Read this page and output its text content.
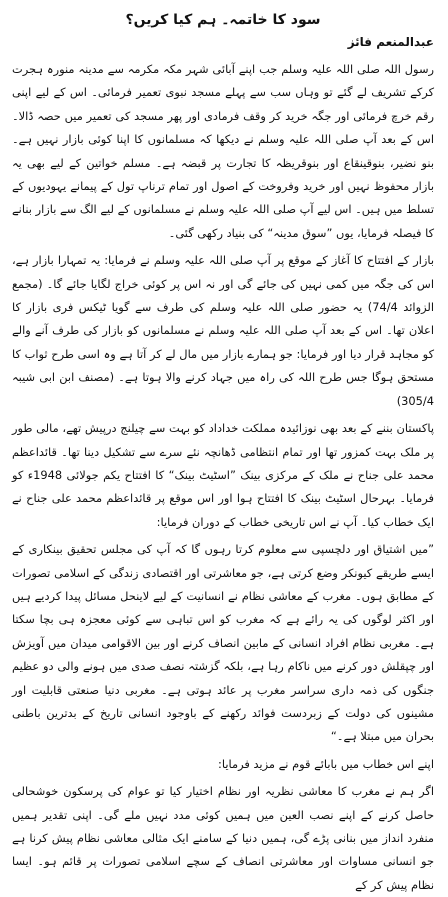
سود کا خاتمہ۔ ہم کیا کریں؟
عبدالمنعم فائز

رسول اللہ صلی اللہ علیہ وسلم جب اپنے آبائی شہر مکہ مکرمہ سے مدینہ منورہ ہجرت کرکے تشریف لے گئے تو وہاں سب سے پہلے مسجد نبوی تعمیر فرمائی۔ اس کے لیے اپنی رقم خرچ فرمائی اور جگہ خرید کر وقف فرمادی اور پھر مسجد کی تعمیر میں حصہ ڈالا۔ اس کے بعد آپ صلی اللہ علیہ وسلم نے دیکھا کہ مسلمانوں کا اپنا کوئی بازار نہیں ہے۔ بنو نضیر، بنوقینقاع اور بنوقریظہ کا تجارت پر قبضہ ہے۔ مسلم خواتین کے لیے بھی یہ بازار محفوظ نہیں اور خرید وفروخت کے اصول اور تمام ترناپ تول کے پیمانے یہودیوں کے تسلط میں ہیں۔ اس لیے آپ صلی اللہ علیہ وسلم نے مسلمانوں کے لیے الگ سے بازار بنانے کا فیصلہ فرمایا، یوں ”سوق مدینہ“ کی بنیاد رکھی گئی۔

بازار کے افتتاح کا آغاز کے موقع پر آپ صلی اللہ علیہ وسلم نے فرمایا: یہ تمہارا بازار ہے، اس کی جگہ میں کمی نہیں کی جائے گی اور نہ اس پر کوئی خراج لگایا جائے گا۔ (مجمع الزوائد 74/4) یہ حضور صلی اللہ علیہ وسلم کی طرف سے گویا ٹیکس فری بازار کا اعلان تھا۔ اس کے بعد آپ صلی اللہ علیہ وسلم نے مسلمانوں کو بازار کی طرف آنے والے کو مجاہد قرار دیا اور فرمایا: جو ہمارے بازار میں مال لے کر آتا ہے وہ اسی طرح ثواب کا مستحق ہوگا جس طرح اللہ کی راہ میں جہاد کرنے والا ہوتا ہے۔ (مصنف ابن ابی شیبہ 305/4)

پاکستان بننے کے بعد بھی نوزائیدہ مملکت خداداد کو بہت سے چیلنج درپیش تھے، مالی طور پر ملک بہت کمزور تھا اور تمام انتظامی ڈھانچہ نئے سرے سے تشکیل دینا تھا۔ قائداعظم محمد علی جناح نے ملک کے مرکزی بینک ”اسٹیٹ بینک“ کا افتتاح یکم جولائی 1948ء کو فرمایا۔ بہرحال اسٹیٹ بینک کا افتتاح ہوا اور اس موقع پر قائداعظم محمد علی جناح نے ایک خطاب کیا۔ آپ نے اس تاریخی خطاب کے دوران فرمایا:

”میں اشتیاق اور دلچسپی سے معلوم کرتا رہوں گا کہ آپ کی مجلس تحقیق بینکاری کے ایسے طریقے کیونکر وضع کرتی ہے، جو معاشرتی اور اقتصادی زندگی کے اسلامی تصورات کے مطابق ہوں۔ مغرب کے معاشی نظام نے انسانیت کے لیے لاینحل مسائل پیدا کردیے ہیں اور اکثر لوگوں کی یہ رائے ہے کہ مغرب کو اس تباہی سے کوئی معجزہ ہی بچا سکتا ہے۔ مغربی نظام افراد انسانی کے مابین انصاف کرنے اور بین الاقوامی میدان میں آویزش اور چپقلش دور کرنے میں ناکام رہا ہے، بلکہ گزشتہ نصف صدی میں ہونے والی دو عظیم جنگوں کی ذمہ داری سراسر مغرب پر عائد ہوتی ہے۔ مغربی دنیا صنعتی قابلیت اور مشینوں کی دولت کے زبردست فوائد رکھنے کے باوجود انسانی تاریخ کے بدترین باطنی بحران میں مبتلا ہے۔“

اپنے اس خطاب میں بابائے قوم نے مزید فرمایا:

اگر ہم نے مغرب کا معاشی نظریہ اور نظام اختیار کیا تو عوام کی پرسکون خوشحالی حاصل کرنے کے اپنے نصب العین میں ہمیں کوئی مدد نہیں ملے گی۔ اپنی تقدیر ہمیں منفرد انداز میں بنانی پڑے گی، ہمیں دنیا کے سامنے ایک مثالی معاشی نظام پیش کرنا ہے جو انسانی مساوات اور معاشرتی انصاف کے سچے اسلامی تصورات پر قائم ہو۔ ایسا نظام پیش کر کے
